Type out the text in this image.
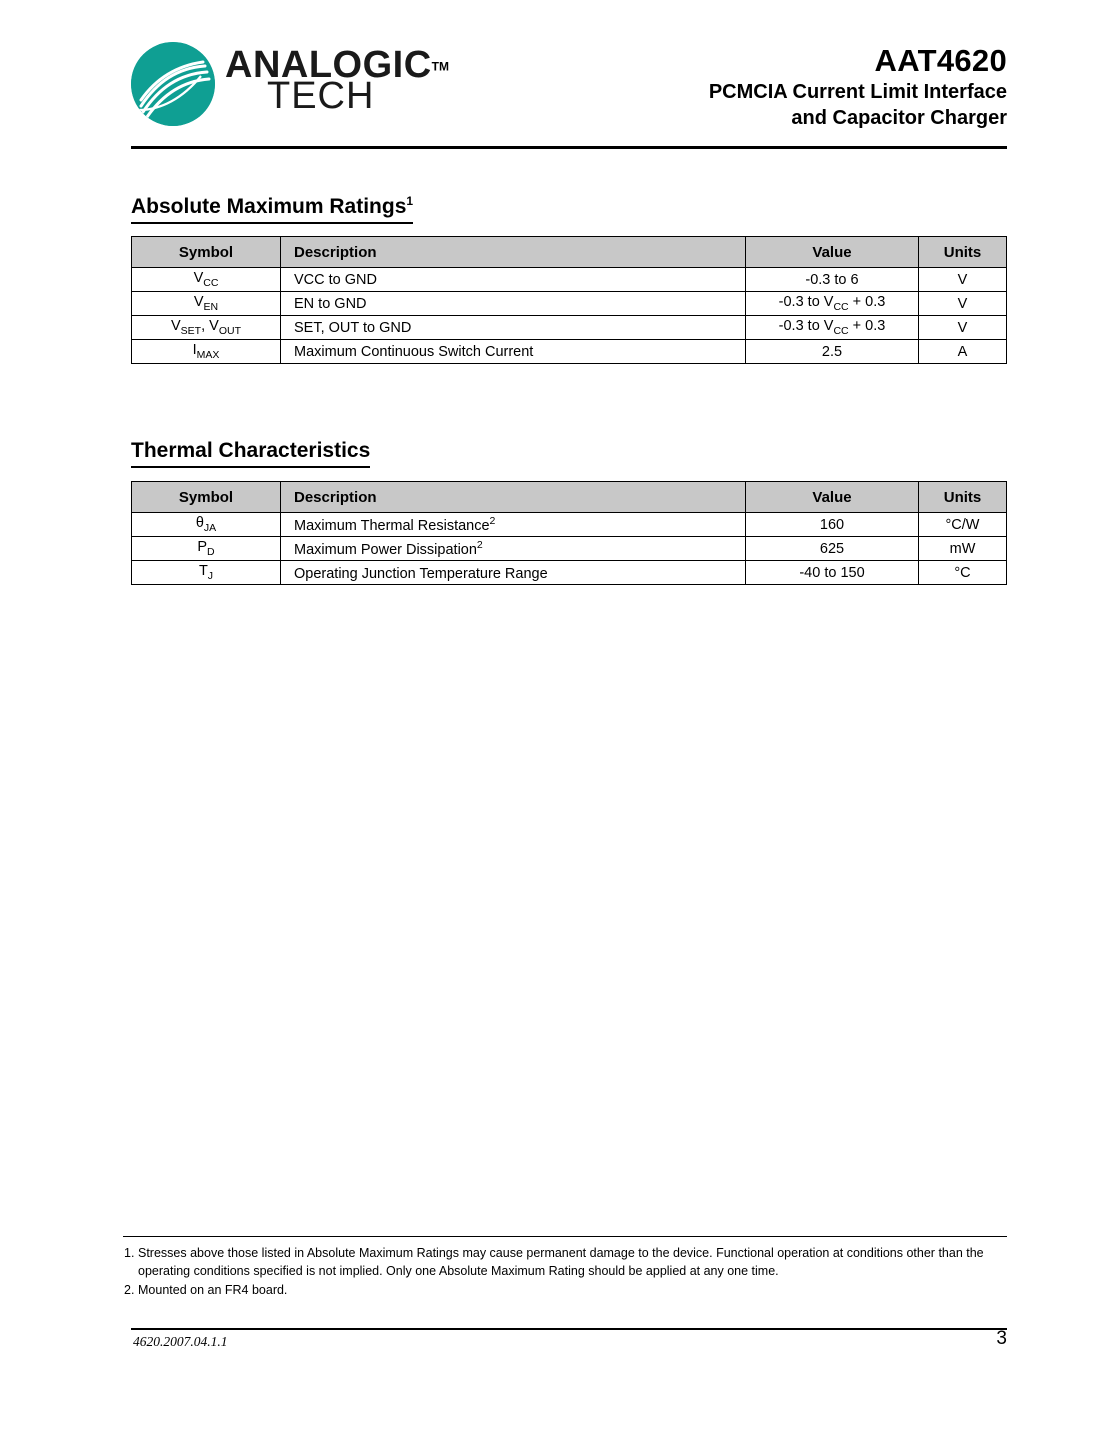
ANALOGIC™
TECH
AAT4620
PCMCIA Current Limit Interface
and Capacitor Charger
Absolute Maximum Ratings$^1$
Symbol	Description	Value	Units
$V_{CC}$	VCC to GND	-0.3 to 6	V
$V_{EN}$	EN to GND	-0.3 to $V_{CC} + 0.3$	V
$V_{SET}$, $V_{OUT}$	SET, OUT to GND	-0.3 to $V_{CC} + 0.3$	V
$I_{MAX}$	Maximum Continuous Switch Current	2.5	A
Thermal Characteristics
Symbol	Description	Value	Units
$\theta_{JA}$	Maximum Thermal Resistance$^2$	160	°C/W
$P_D$	Maximum Power Dissipation$^2$	625	mW
$T_J$	Operating Junction Temperature Range	-40 to 150	°C
1. Stresses above those listed in Absolute Maximum Ratings may cause permanent damage to the device. Functional operation at conditions other than the operating conditions specified is not implied. Only one Absolute Maximum Rating should be applied at any one time.
2. Mounted on an FR4 board.
4620.2007.04.1.1	3
